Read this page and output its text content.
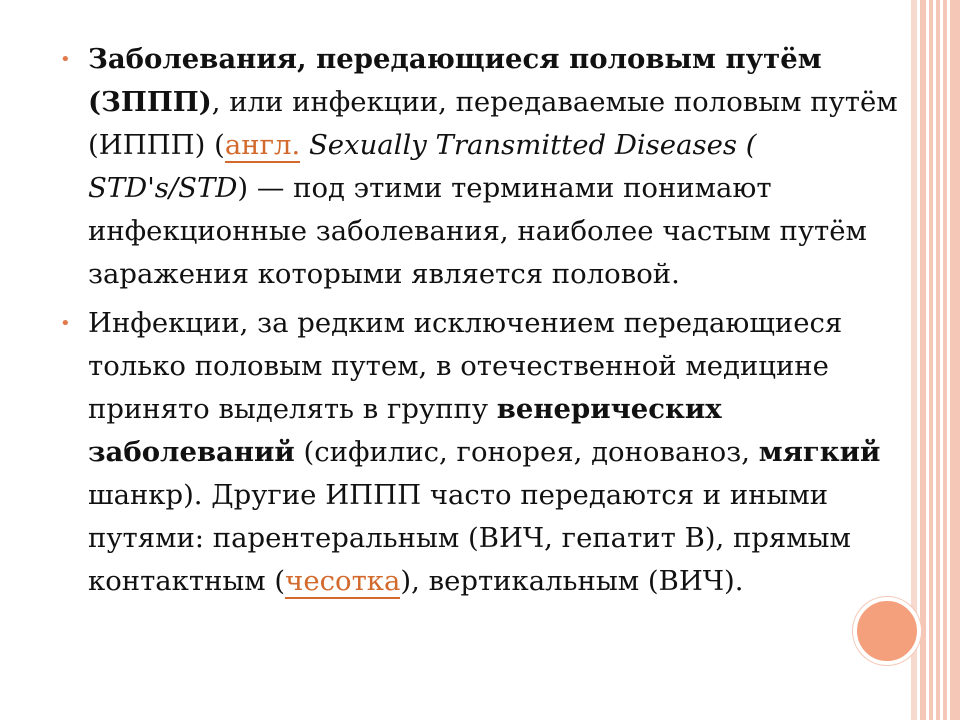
• Заболевания, передающиеся половым путём (ЗППП), или инфекции, передаваемые половым путём (ИППП) (англ. Sexually Transmitted Diseases ( STD's/STD) — под этими терминами понимают инфекционные заболевания, наиболее частым путём заражения которыми является половой.

• Инфекции, за редким исключением передающиеся только половым путем, в отечественной медицине принято выделять в группу венерических заболеваний (сифилис, гонорея, донованоз, мягкий шанкр). Другие ИППП часто передаются и иными путями: парентеральным (ВИЧ, гепатит В), прямым контактным (чесотка), вертикальным (ВИЧ).
